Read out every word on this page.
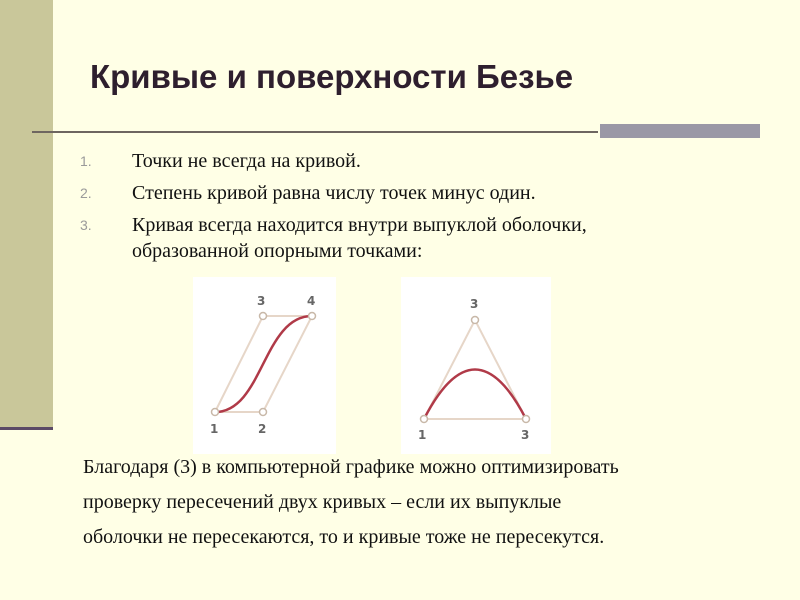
Кривые и поверхности Безье
1. Точки не всегда на кривой.
2. Степень кривой равна числу точек минус один.
3. Кривая всегда находится внутри выпуклой оболочки,
образованной опорными точками:
3	4
1	2
3
1	3
Благодаря (3) в компьютерной графике можно оптимизировать
проверку пересечений двух кривых – если их выпуклые
оболочки не пересекаются, то и кривые тоже не пересекутся.
